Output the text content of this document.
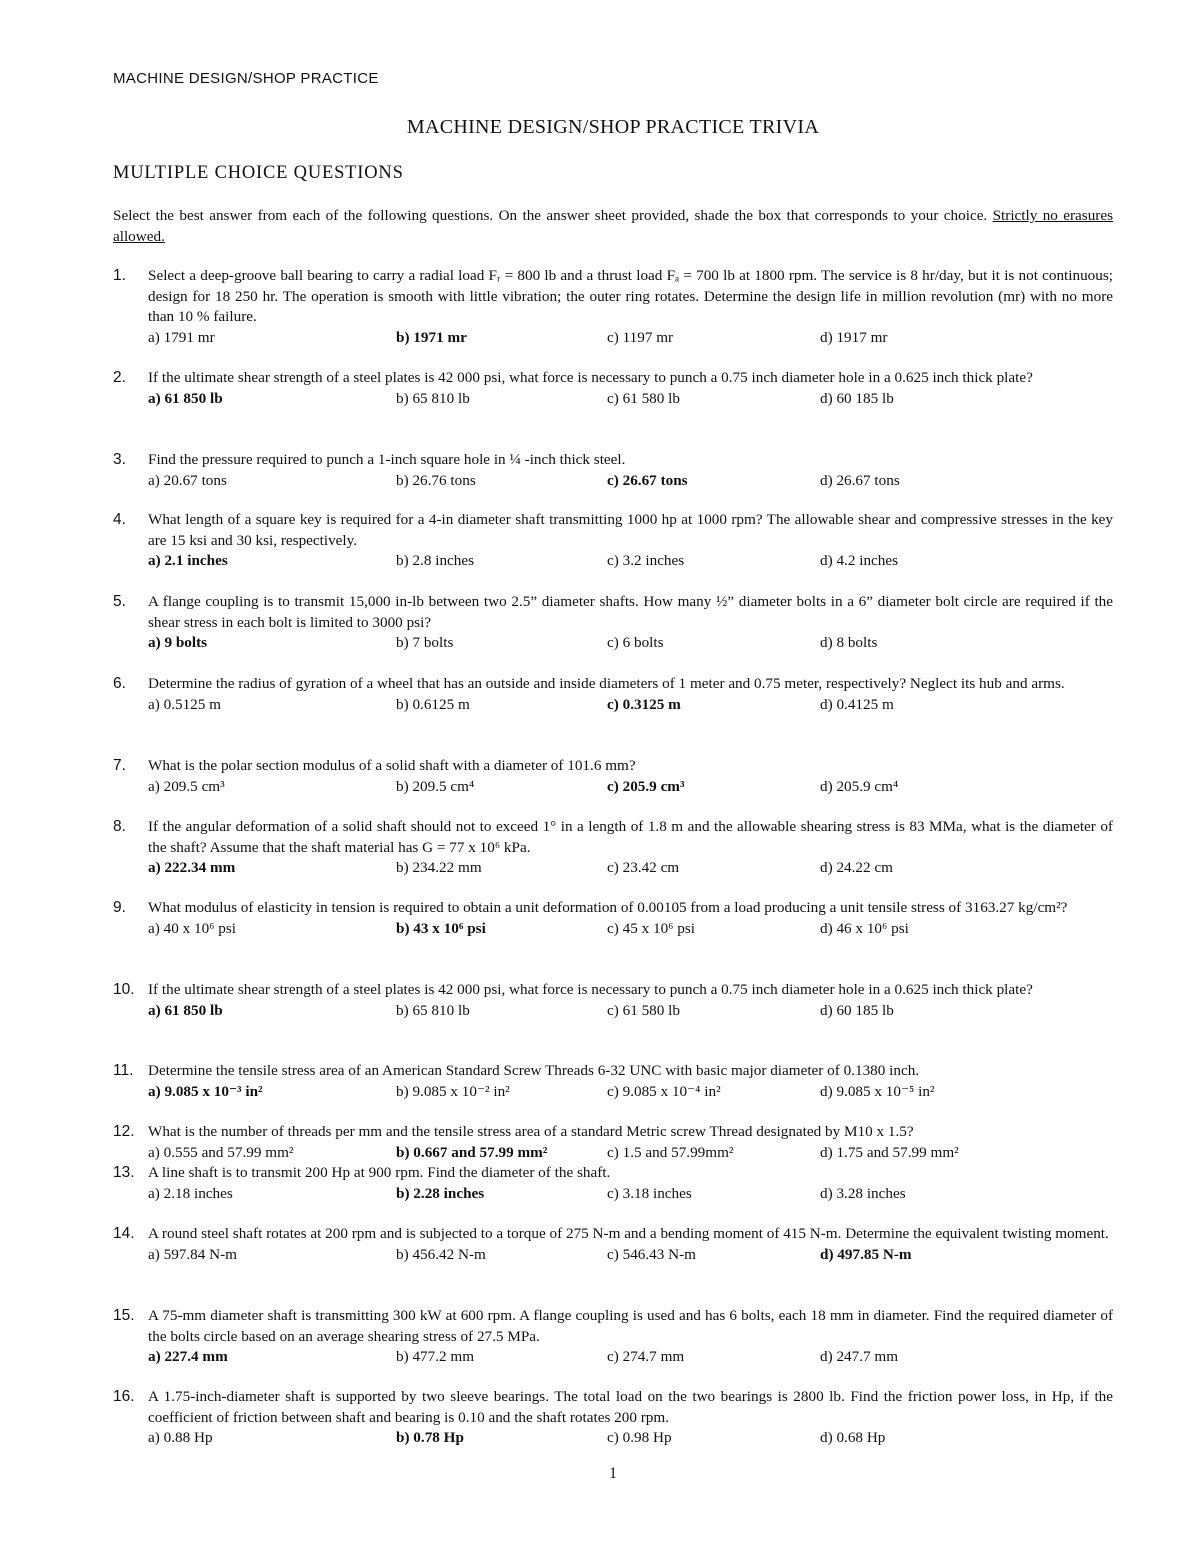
MACHINE DESIGN/SHOP PRACTICE
MACHINE DESIGN/SHOP PRACTICE TRIVIA
MULTIPLE CHOICE QUESTIONS
Select the best answer from each of the following questions. On the answer sheet provided, shade the box that corresponds to your choice. Strictly no erasures allowed.
1.	Select a deep-groove ball bearing to carry a radial load Fᵣ = 800 lb and a thrust load Fₐ = 700 lb at 1800 rpm. The service is 8 hr/day, but it is not continuous; design for 18 250 hr. The operation is smooth with little vibration; the outer ring rotates. Determine the design life in million revolution (mr) with no more than 10 % failure.
a) 1791 mr	b) 1971 mr	c) 1197 mr	d) 1917 mr
2.	If the ultimate shear strength of a steel plates is 42 000 psi, what force is necessary to punch a 0.75 inch diameter hole in a 0.625 inch thick plate?
a) 61 850 lb	b) 65 810 lb	c) 61 580 lb	d) 60 185 lb
3.	Find the pressure required to punch a 1-inch square hole in ¼ -inch thick steel.
a) 20.67 tons	b) 26.76 tons	c) 26.67 tons	d) 26.67 tons
4.	What length of a square key is required for a 4-in diameter shaft transmitting 1000 hp at 1000 rpm? The allowable shear and compressive stresses in the key are 15 ksi and 30 ksi, respectively.
a) 2.1 inches	b) 2.8 inches	c) 3.2 inches	d) 4.2 inches
5.	A flange coupling is to transmit 15,000 in-lb between two 2.5” diameter shafts. How many ½” diameter bolts in a 6” diameter bolt circle are required if the shear stress in each bolt is limited to 3000 psi?
a) 9 bolts	b) 7 bolts	c) 6 bolts	d) 8 bolts
6.	Determine the radius of gyration of a wheel that has an outside and inside diameters of 1 meter and 0.75 meter, respectively? Neglect its hub and arms.
a) 0.5125 m	b) 0.6125 m	c) 0.3125 m	d) 0.4125 m
7.	What is the polar section modulus of a solid shaft with a diameter of 101.6 mm?
a) 209.5 cm³	b) 209.5 cm⁴	c) 205.9 cm³	d) 205.9 cm⁴
8.	If the angular deformation of a solid shaft should not to exceed 1° in a length of 1.8 m and the allowable shearing stress is 83 MMa, what is the diameter of the shaft? Assume that the shaft material has G = 77 x 10⁶ kPa.
a) 222.34 mm	b) 234.22 mm	c) 23.42 cm	d) 24.22 cm
9.	What modulus of elasticity in tension is required to obtain a unit deformation of 0.00105 from a load producing a unit tensile stress of 3163.27 kg/cm²?
a) 40 x 10⁶ psi	b) 43 x 10⁶ psi	c) 45 x 10⁶ psi	d) 46 x 10⁶ psi
10. If the ultimate shear strength of a steel plates is 42 000 psi, what force is necessary to punch a 0.75 inch diameter hole in a 0.625 inch thick plate?
a) 61 850 lb	b) 65 810 lb	c) 61 580 lb	d) 60 185 lb
11. Determine the tensile stress area of an American Standard Screw Threads 6-32 UNC with basic major diameter of 0.1380 inch.
a) 9.085 x 10⁻³ in²	b) 9.085 x 10⁻² in²	c) 9.085 x 10⁻⁴ in²	d) 9.085 x 10⁻⁵ in²
12. What is the number of threads per mm and the tensile stress area of a standard Metric screw Thread designated by M10 x 1.5?
a) 0.555 and 57.99 mm²	b) 0.667 and 57.99 mm²	c) 1.5 and 57.99mm²	d) 1.75 and 57.99 mm²
13. A line shaft is to transmit 200 Hp at 900 rpm. Find the diameter of the shaft.
a) 2.18 inches	b) 2.28 inches	c) 3.18 inches	d) 3.28 inches
14. A round steel shaft rotates at 200 rpm and is subjected to a torque of 275 N-m and a bending moment of 415 N-m. Determine the equivalent twisting moment.
a) 597.84 N-m	b) 456.42 N-m	c) 546.43 N-m	d) 497.85 N-m
15. A 75-mm diameter shaft is transmitting 300 kW at 600 rpm. A flange coupling is used and has 6 bolts, each 18 mm in diameter. Find the required diameter of the bolts circle based on an average shearing stress of 27.5 MPa.
a) 227.4 mm	b) 477.2 mm	c) 274.7 mm	d) 247.7 mm
16. A 1.75-inch-diameter shaft is supported by two sleeve bearings. The total load on the two bearings is 2800 lb. Find the friction power loss, in Hp, if the coefficient of friction between shaft and bearing is 0.10 and the shaft rotates 200 rpm.
a) 0.88 Hp	b) 0.78 Hp	c) 0.98 Hp	d) 0.68 Hp
1
